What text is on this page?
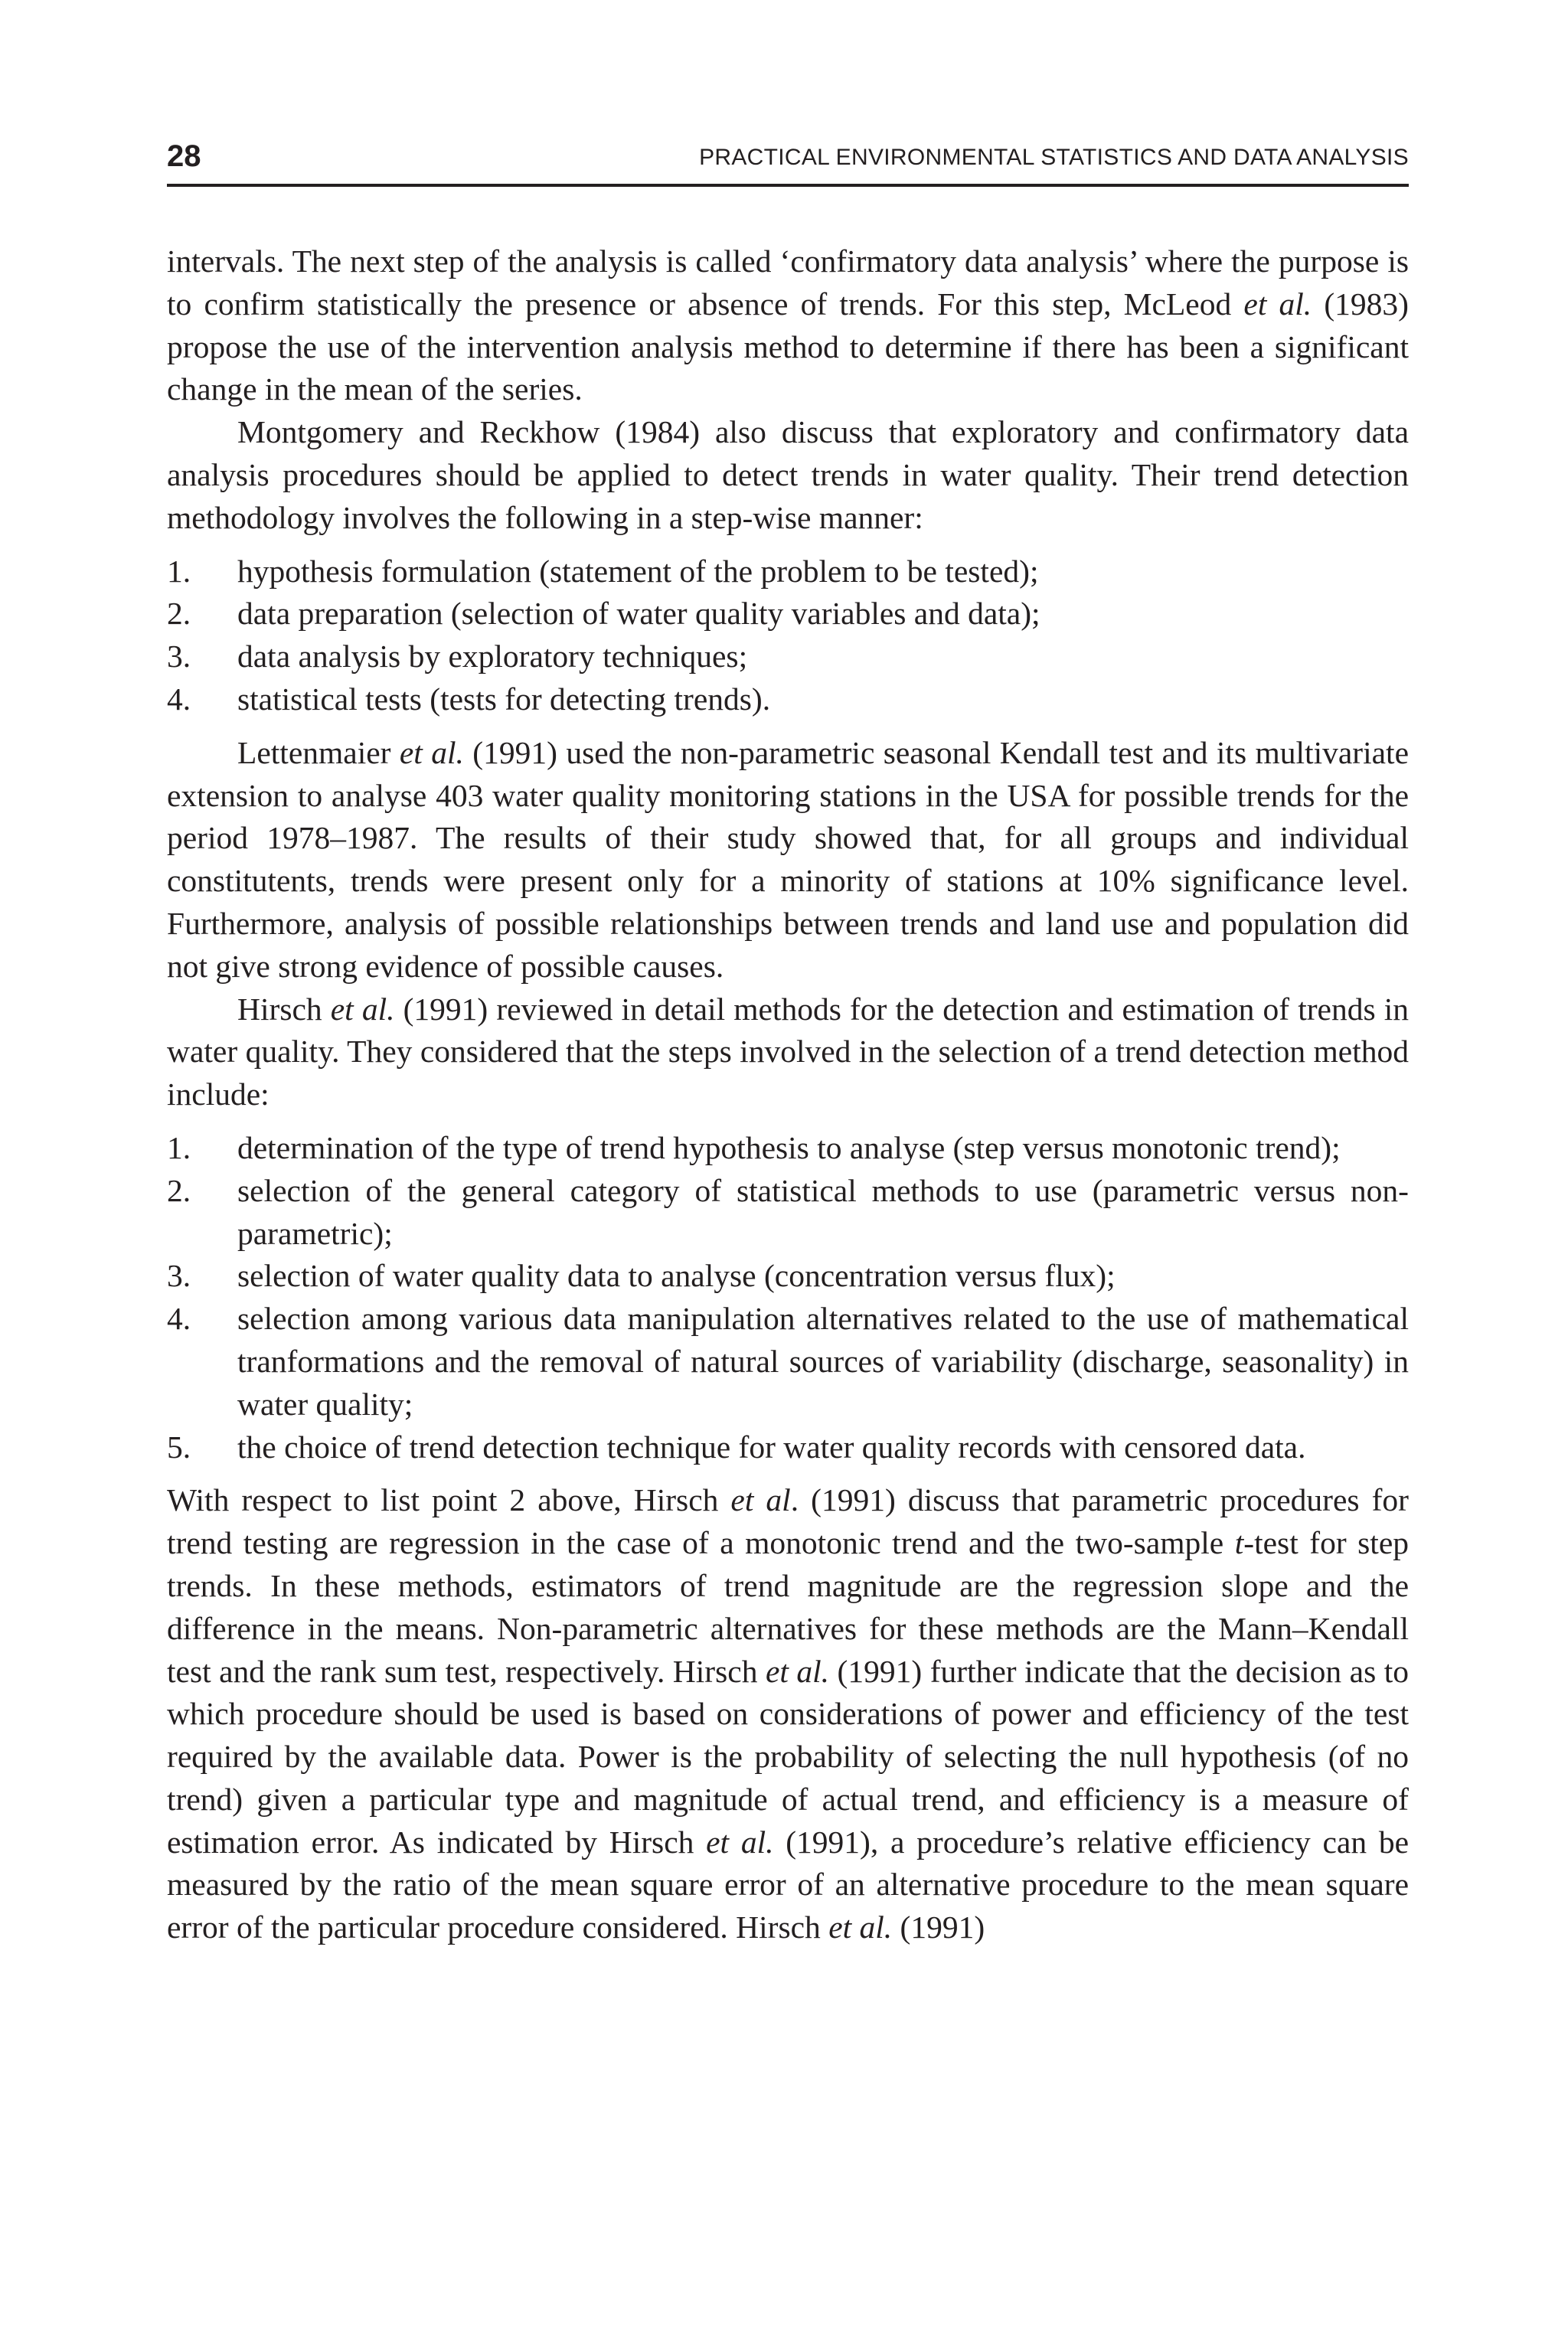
28	PRACTICAL ENVIRONMENTAL STATISTICS AND DATA ANALYSIS

intervals. The next step of the analysis is called ‘confirmatory data analysis’ where the purpose is to confirm statistically the presence or absence of trends. For this step, McLeod et al. (1983) propose the use of the intervention analysis method to determine if there has been a significant change in the mean of the series.

Montgomery and Reckhow (1984) also discuss that exploratory and confirmatory data analysis procedures should be applied to detect trends in water quality. Their trend detection methodology involves the following in a step-wise manner:

1. hypothesis formulation (statement of the problem to be tested);
2. data preparation (selection of water quality variables and data);
3. data analysis by exploratory techniques;
4. statistical tests (tests for detecting trends).

Lettenmaier et al. (1991) used the non-parametric seasonal Kendall test and its multivariate extension to analyse 403 water quality monitoring stations in the USA for possible trends for the period 1978–1987. The results of their study showed that, for all groups and individual constitutents, trends were present only for a minority of stations at 10% significance level. Furthermore, analysis of possible relationships between trends and land use and population did not give strong evidence of possible causes.

Hirsch et al. (1991) reviewed in detail methods for the detection and estimation of trends in water quality. They considered that the steps involved in the selection of a trend detection method include:

1. determination of the type of trend hypothesis to analyse (step versus monotonic trend);
2. selection of the general category of statistical methods to use (parametric versus non-parametric);
3. selection of water quality data to analyse (concentration versus flux);
4. selection among various data manipulation alternatives related to the use of mathematical tranformations and the removal of natural sources of variability (discharge, seasonality) in water quality;
5. the choice of trend detection technique for water quality records with censored data.

With respect to list point 2 above, Hirsch et al. (1991) discuss that parametric procedures for trend testing are regression in the case of a monotonic trend and the two-sample t-test for step trends. In these methods, estimators of trend magnitude are the regression slope and the difference in the means. Non-parametric alternatives for these methods are the Mann–Kendall test and the rank sum test, respectively. Hirsch et al. (1991) further indicate that the decision as to which procedure should be used is based on considerations of power and efficiency of the test required by the available data. Power is the probability of selecting the null hypothesis (of no trend) given a particular type and magnitude of actual trend, and efficiency is a measure of estimation error. As indicated by Hirsch et al. (1991), a procedure’s relative efficiency can be measured by the ratio of the mean square error of an alternative procedure to the mean square error of the particular procedure considered. Hirsch et al. (1991)
